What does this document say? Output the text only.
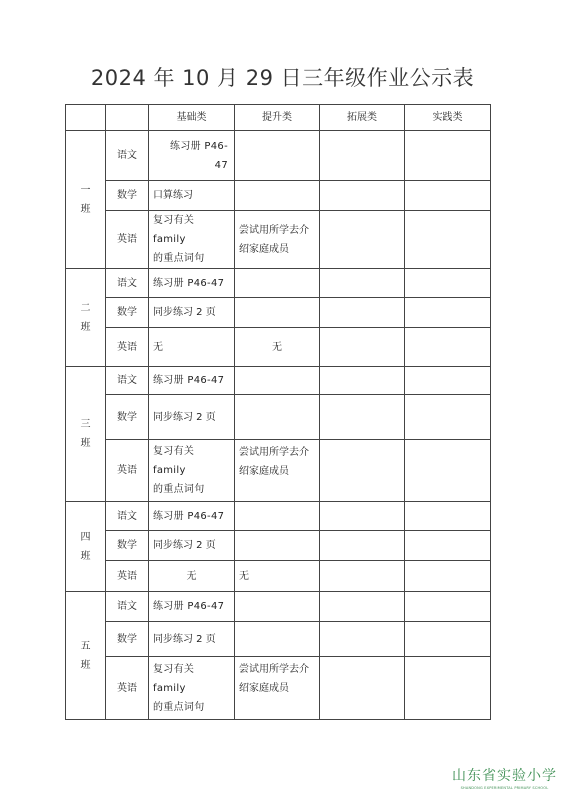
2024 年 10 月 29 日三年级作业公示表
		基础类	提升类	拓展类	实践类

一
班	语文	练习册 P46-
47			
	数学	口算练习			
	英语	复习有关 family
的重点词句	尝试用所学去介
绍家庭成员		

二
班	语文	练习册 P46-47			
	数学	同步练习 2 页			
	英语	无	无		

三
班	语文	练习册 P46-47			
	数学	同步练习 2 页			
	英语	复习有关 family
的重点词句	尝试用所学去介
绍家庭成员		

四
班	语文	练习册 P46-47			
	数学	同步练习 2 页			
	英语	无	无		

五
班	语文	练习册 P46-47			
	数学	同步练习 2 页			
	英语	复习有关 family
的重点词句	尝试用所学去介
绍家庭成员		
山东省实验小学
SHANDONG EXPERIMENTAL PRIMARY SCHOOL
